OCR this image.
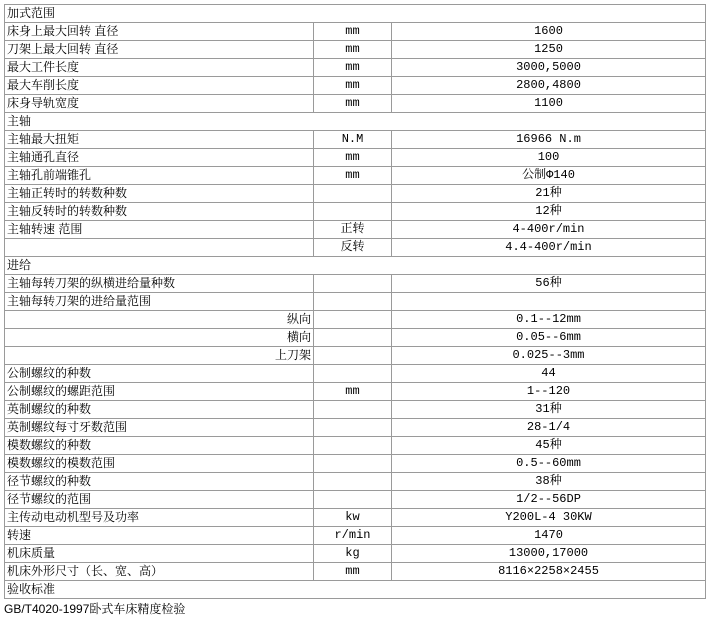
加式范围		
床身上最大回转 直径	mm	1600
刀架上最大回转 直径	mm	1250
最大工件长度	mm	3000,5000
最大车削长度	mm	2800,4800
床身导轨宽度	mm	1100
主轴		
主轴最大扭矩	N.M	16966 N.m
主轴通孔直径	mm	100
主轴孔前端锥孔	mm	公制Φ140
主轴正转时的转数种数		21种
主轴反转时的转数种数		12种
主轴转速 范围	正转	4-400r/min
	反转	4.4-400r/min
进给		
主轴每转刀架的纵横进给量种数		56种
主轴每转刀架的进给量范围		
纵向		0.1--12mm
横向		0.05--6mm
上刀架		0.025--3mm
公制螺纹的种数		44
公制螺纹的螺距范围	mm	1--120
英制螺纹的种数		31种
英制螺纹每寸牙数范围		28-1/4
模数螺纹的种数		45种
模数螺纹的模数范围		0.5--60mm
径节螺纹的种数		38种
径节螺纹的范围		1/2--56DP
主传动电动机型号及功率	kw	Y200L-4 30KW
转速	r/min	1470
机床质量	kg	13000,17000
机床外形尺寸（长、宽、高）	mm	8116×2258×2455
验收标准		
GB/T4020-1997卧式车床精度检验
